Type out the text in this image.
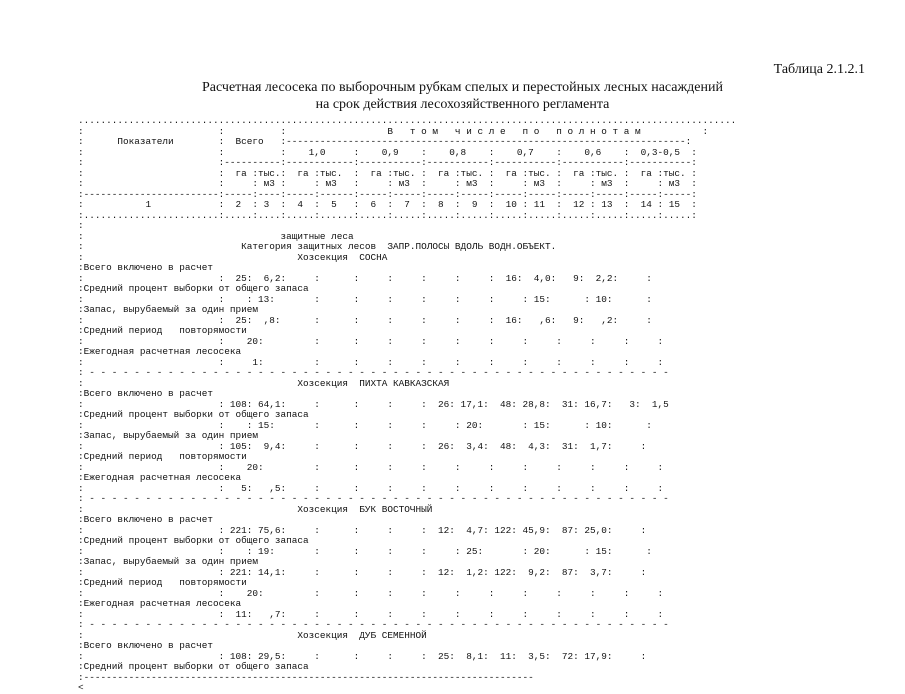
Таблица 2.1.2.1
Расчетная лесосека по выборочным рубкам спелых и перестойных лесных насаждений
на срок действия лесохозяйственного регламента
.....................................................................................................................
:                        :          :                  В   т о м   ч и с л е   п о   п о л н о т а м           :
:      Показатели        :  Всего   :-----------------------------------------------------------------------:
:                        :          :    1,0     :    0,9    :    0,8    :    0,7    :    0,6    :  0,3-0,5  :
:                        :----------:------------:-----------:-----------:-----------:-----------:-----------:
:                        :  га :тыс.:  га :тыс.  :  га :тыс. :  га :тыс. :  га :тыс. :  га :тыс. :  га :тыс. :
:                        :     : м3 :     : м3   :     : м3  :     : м3  :     : м3  :     : м3  :     : м3  :
:------------------------:-----:----:-----:------:-----:-----:-----:-----:-----:-----:-----:-----:-----:-----:
:           1            :  2  : 3  :  4  :  5   :  6  :  7  :  8  :  9  :  10 : 11  :  12 : 13  :  14 : 15  :
:........................:.....:....:.....:......:.....:.....:.....:.....:.....:.....:.....:.....:.....:.....:
:
:                                   защитные леса
:                            Категория защитных лесов  ЗАПР.ПОЛОСЫ ВДОЛЬ ВОДН.ОБЪЕКТ.
:                                      Хозсекция  СОСНА
:Всего включено в расчет
:                        :  25:  6,2:     :      :     :     :     :     :  16:  4,0:   9:  2,2:     :
:Средний процент выборки от общего запаса
:                        :    : 13:       :      :     :     :     :     :     : 15:      : 10:      :
:Запас, вырубаемый за один прием
:                        :  25:  ,8:      :      :     :     :     :     :  16:   ,6:   9:   ,2:     :
:Средний период   повторямости
:                        :    20:         :      :     :     :     :     :     :     :     :     :     :
:Ежегодная расчетная лесосека
:                        :     1:         :      :     :     :     :     :     :     :     :     :     :
: - - - - - - - - - - - - - - - - - - - - - - - - - - - - - - - - - - - - - - - - - - - - - - - - - - - -
:                                      Хозсекция  ПИХТА КАВКАЗСКАЯ
:Всего включено в расчет
:                        : 108: 64,1:     :      :     :     :  26: 17,1:  48: 28,8:  31: 16,7:   3:  1,5
:Средний процент выборки от общего запаса
:                        :    : 15:       :      :     :     :     : 20:       : 15:      : 10:      :
:Запас, вырубаемый за один прием
:                        : 105:  9,4:     :      :     :     :  26:  3,4:  48:  4,3:  31:  1,7:     :
:Средний период   повторямости
:                        :    20:         :      :     :     :     :     :     :     :     :     :     :
:Ежегодная расчетная лесосека
:                        :   5:   ,5:     :      :     :     :     :     :     :     :     :     :     :
: - - - - - - - - - - - - - - - - - - - - - - - - - - - - - - - - - - - - - - - - - - - - - - - - - - - -
:                                      Хозсекция  БУК ВОСТОЧНЫЙ
:Всего включено в расчет
:                        : 221: 75,6:     :      :     :     :  12:  4,7: 122: 45,9:  87: 25,0:     :
:Средний процент выборки от общего запаса
:                        :    : 19:       :      :     :     :     : 25:       : 20:      : 15:      :
:Запас, вырубаемый за один прием
:                        : 221: 14,1:     :      :     :     :  12:  1,2: 122:  9,2:  87:  3,7:     :
:Средний период   повторямости
:                        :    20:         :      :     :     :     :     :     :     :     :     :     :
:Ежегодная расчетная лесосека
:                        :  11:   ,7:     :      :     :     :     :     :     :     :     :     :     :
: - - - - - - - - - - - - - - - - - - - - - - - - - - - - - - - - - - - - - - - - - - - - - - - - - - - -
:                                      Хозсекция  ДУБ СЕМЕННОЙ
:Всего включено в расчет
:                        : 108: 29,5:     :      :     :     :  25:  8,1:  11:  3,5:  72: 17,9:     :
:Средний процент выборки от общего запаса
:--------------------------------------------------------------------------------
<
